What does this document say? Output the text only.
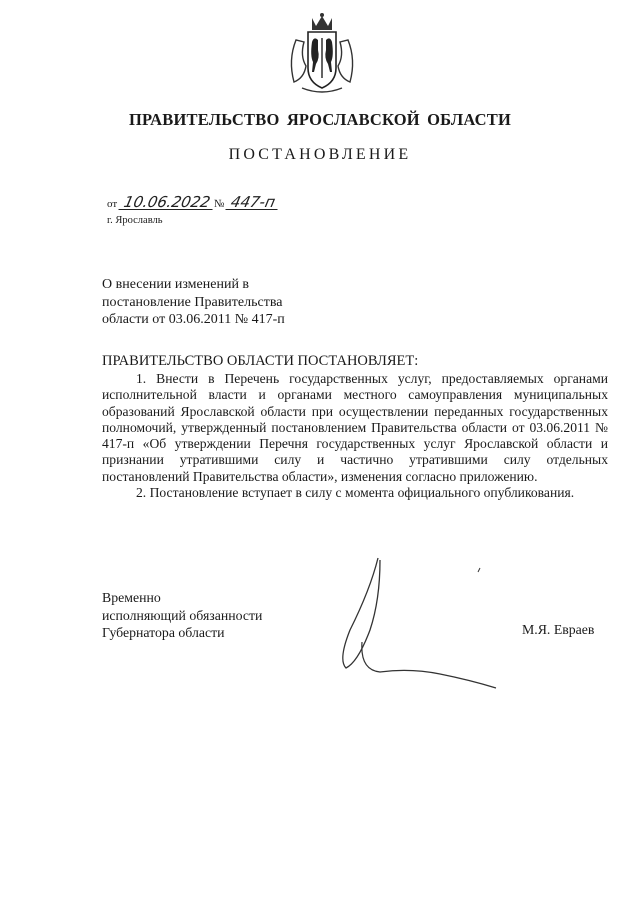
ПРАВИТЕЛЬСТВО ЯРОСЛАВСКОЙ ОБЛАСТИ
ПОСТАНОВЛЕНИЕ
от 10.06.2022 № 447-п
г. Ярославль
О внесении изменений в
постановление Правительства
области от 03.06.2011 № 417-п
ПРАВИТЕЛЬСТВО ОБЛАСТИ ПОСТАНОВЛЯЕТ:

1. Внести в Перечень государственных услуг, предоставляемых органами исполнительной власти и органами местного самоуправления муниципальных образований Ярославской области при осуществлении переданных государственных полномочий, утвержденный постановлением Правительства области от 03.06.2011 № 417-п «Об утверждении Перечня государственных услуг Ярославской области и признании утратившими силу и частично утратившими силу отдельных постановлений Правительства области», изменения согласно приложению.

2. Постановление вступает в силу с момента официального опубликования.

Временно
исполняющий обязанности
Губернатора области	М.Я. Евраев
